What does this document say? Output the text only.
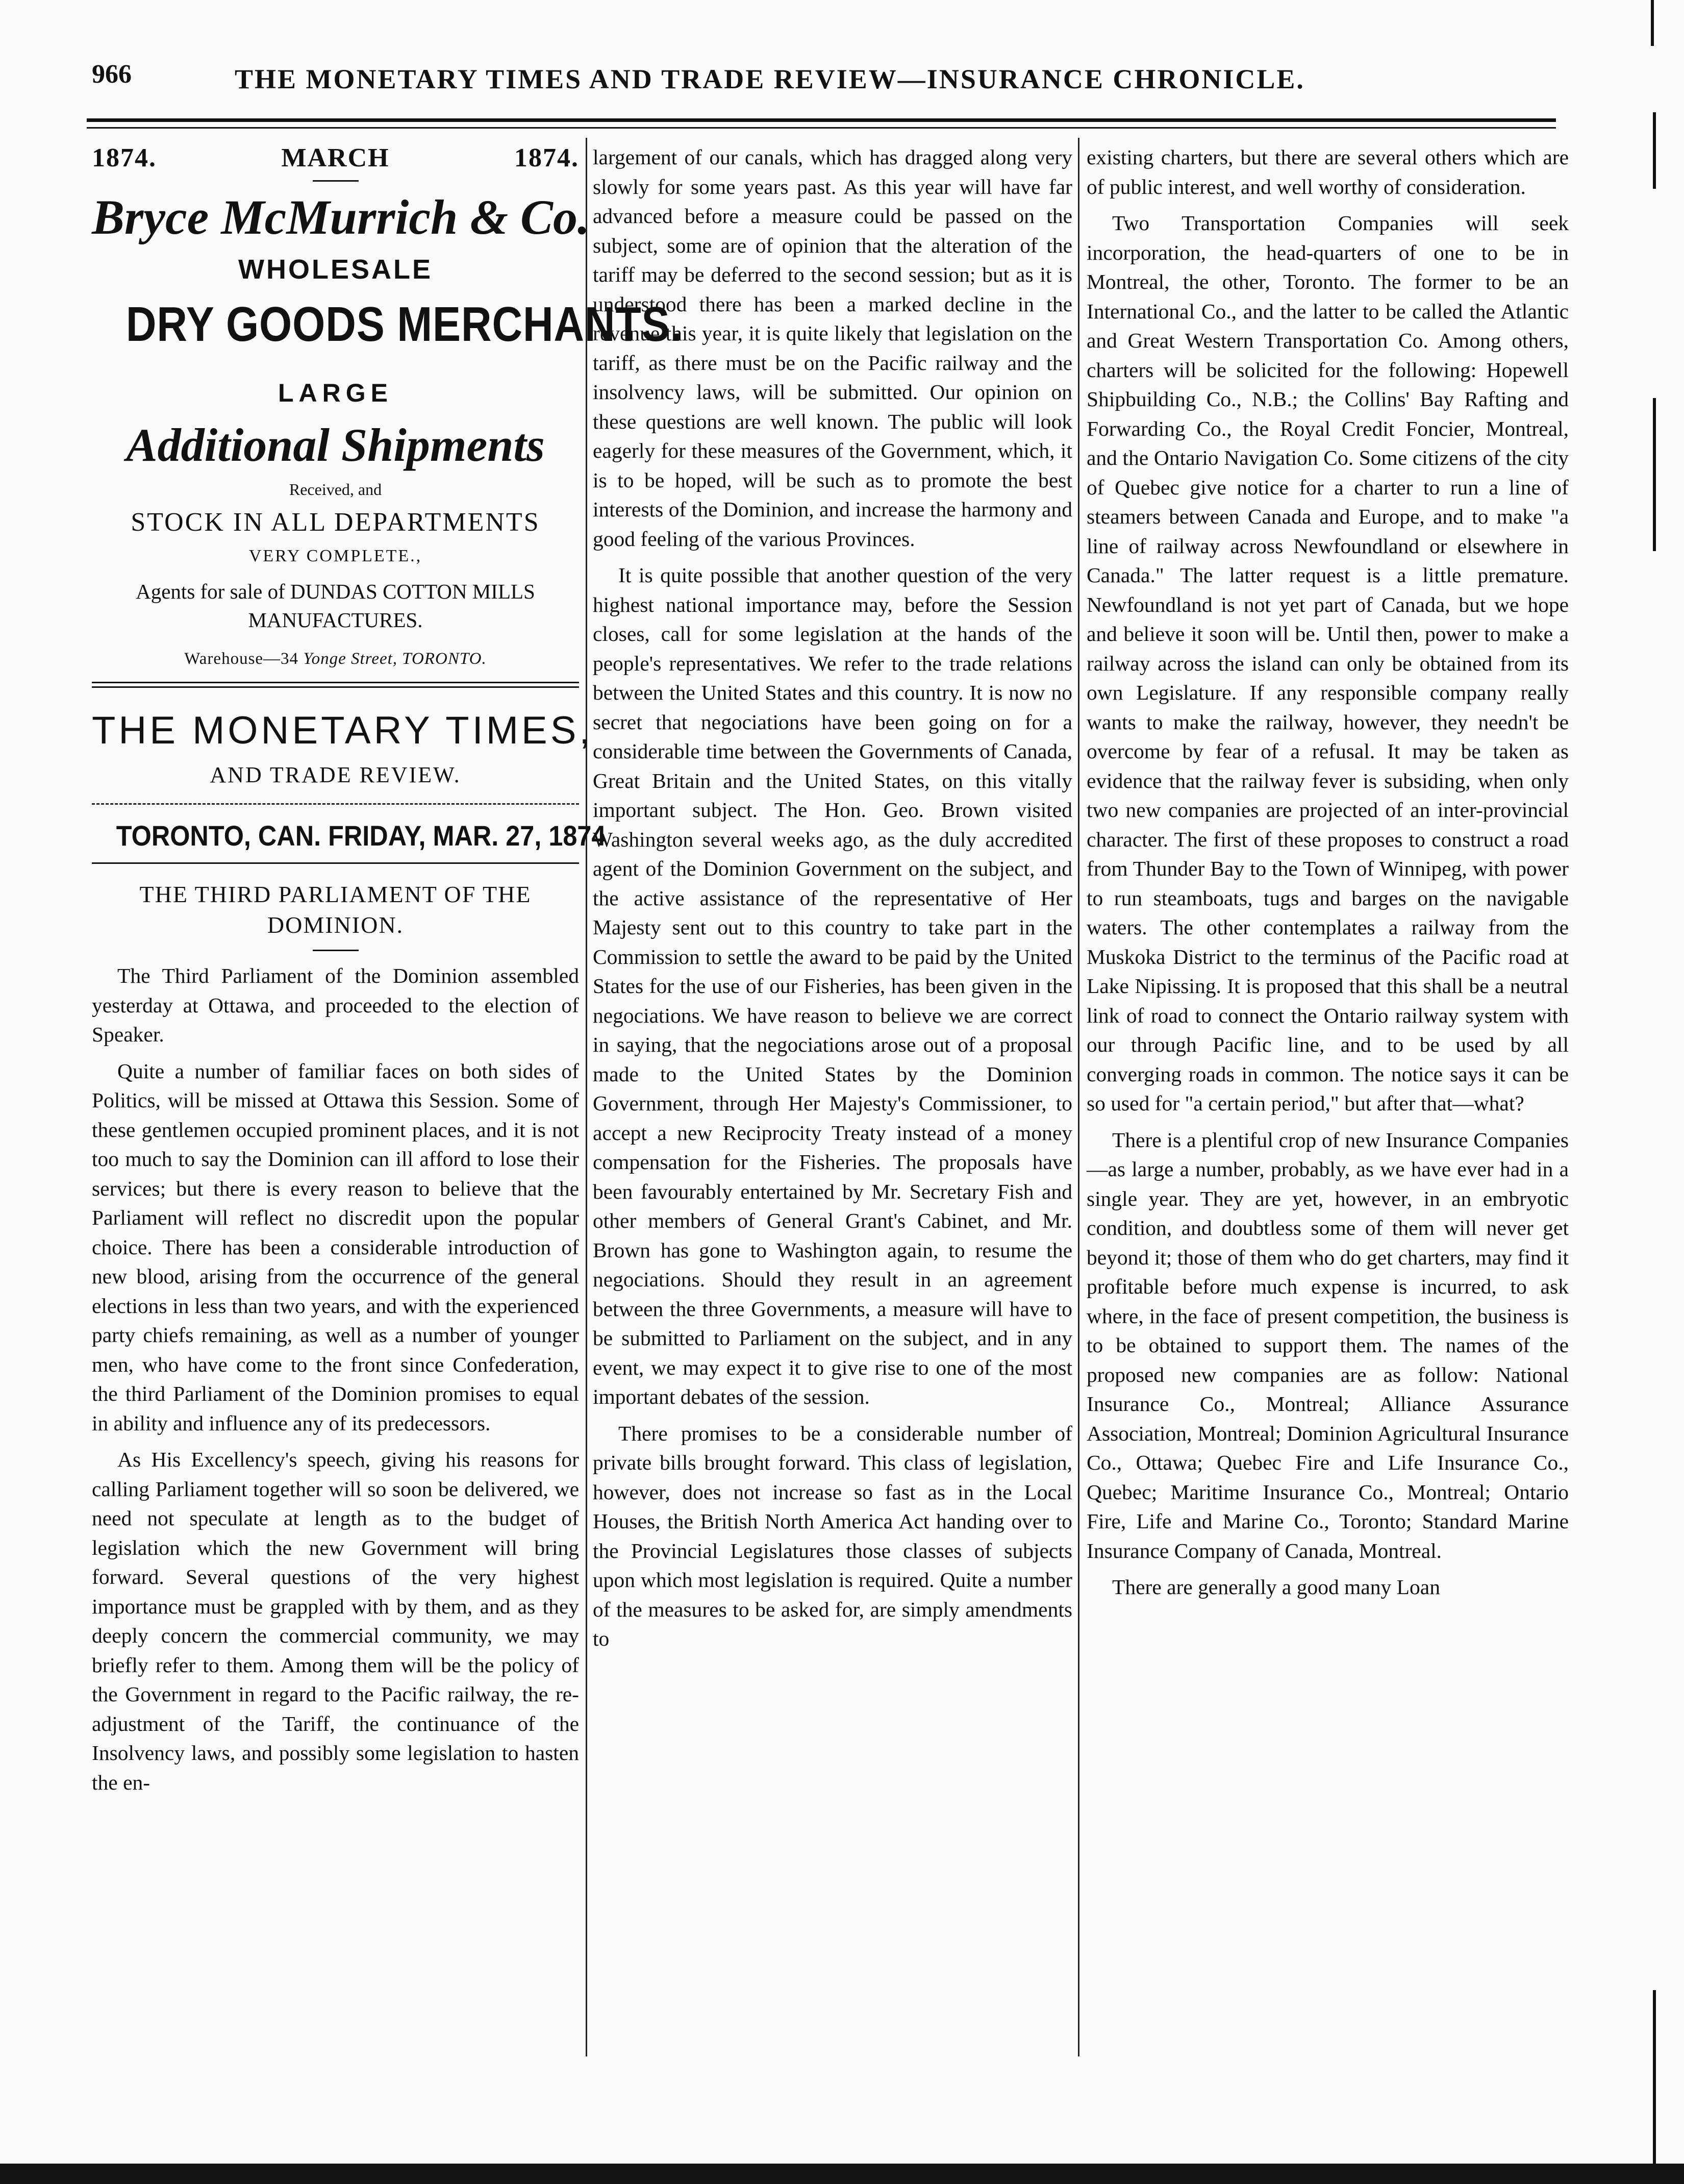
966	THE MONETARY TIMES AND TRADE REVIEW—INSURANCE CHRONICLE.
1874.	MARCH	1874.
Bryce McMurrich & Co.
WHOLESALE
DRY GOODS MERCHANTS.
LARGE
Additional Shipments
Received, and
STOCK IN ALL DEPARTMENTS
VERY COMPLETE.,
Agents for sale of DUNDAS COTTON MILLS MANUFACTURES.
Warehouse—34 Yonge Street, TORONTO.
THE MONETARY TIMES,
AND TRADE REVIEW.
TORONTO, CAN. FRIDAY, MAR. 27, 1874
THE THIRD PARLIAMENT OF THE DOMINION.

The Third Parliament of the Dominion assembled yesterday at Ottawa, and proceeded to the election of Speaker.

Quite a number of familiar faces on both sides of Politics, will be missed at Ottawa this Session. Some of these gentlemen occupied prominent places, and it is not too much to say the Dominion can ill afford to lose their services; but there is every reason to believe that the Parliament will reflect no discredit upon the popular choice. There has been a considerable introduction of new blood, arising from the occurrence of the general elections in less than two years, and with the experienced party chiefs remaining, as well as a number of younger men, who have come to the front since Confederation, the third Parliament of the Dominion promises to equal in ability and influence any of its predecessors.

As His Excellency's speech, giving his reasons for calling Parliament together will so soon be delivered, we need not speculate at length as to the budget of legislation which the new Government will bring forward. Several questions of the very highest importance must be grappled with by them, and as they deeply concern the commercial community, we may briefly refer to them. Among them will be the policy of the Government in regard to the Pacific railway, the re-adjustment of the Tariff, the continuance of the Insolvency laws, and possibly some legislation to hasten the en-

largement of our canals, which has dragged along very slowly for some years past. As this year will have far advanced before a measure could be passed on the subject, some are of opinion that the alteration of the tariff may be deferred to the second session; but as it is understood there has been a marked decline in the revenue this year, it is quite likely that legislation on the tariff, as there must be on the Pacific railway and the insolvency laws, will be submitted. Our opinion on these questions are well known. The public will look eagerly for these measures of the Government, which, it is to be hoped, will be such as to promote the best interests of the Dominion, and increase the harmony and good feeling of the various Provinces.

It is quite possible that another question of the very highest national importance may, before the Session closes, call for some legislation at the hands of the people's representatives. We refer to the trade relations between the United States and this country. It is now no secret that negociations have been going on for a considerable time between the Governments of Canada, Great Britain and the United States, on this vitally important subject. The Hon. Geo. Brown visited Washington several weeks ago, as the duly accredited agent of the Dominion Government on the subject, and the active assistance of the representative of Her Majesty sent out to this country to take part in the Commission to settle the award to be paid by the United States for the use of our Fisheries, has been given in the negociations. We have reason to believe we are correct in saying, that the negociations arose out of a proposal made to the United States by the Dominion Government, through Her Majesty's Commissioner, to accept a new Reciprocity Treaty instead of a money compensation for the Fisheries. The proposals have been favourably entertained by Mr. Secretary Fish and other members of General Grant's Cabinet, and Mr. Brown has gone to Washington again, to resume the negociations. Should they result in an agreement between the three Governments, a measure will have to be submitted to Parliament on the subject, and in any event, we may expect it to give rise to one of the most important debates of the session.

There promises to be a considerable number of private bills brought forward. This class of legislation, however, does not increase so fast as in the Local Houses, the British North America Act handing over to the Provincial Legislatures those classes of subjects upon which most legislation is required. Quite a number of the measures to be asked for, are simply amendments to

existing charters, but there are several others which are of public interest, and well worthy of consideration.

Two Transportation Companies will seek incorporation, the head-quarters of one to be in Montreal, the other, Toronto. The former to be an International Co., and the latter to be called the Atlantic and Great Western Transportation Co. Among others, charters will be solicited for the following: Hopewell Shipbuilding Co., N.B.; the Collins' Bay Rafting and Forwarding Co., the Royal Credit Foncier, Montreal, and the Ontario Navigation Co. Some citizens of the city of Quebec give notice for a charter to run a line of steamers between Canada and Europe, and to make "a line of railway across Newfoundland or elsewhere in Canada." The latter request is a little premature. Newfoundland is not yet part of Canada, but we hope and believe it soon will be. Until then, power to make a railway across the island can only be obtained from its own Legislature. If any responsible company really wants to make the railway, however, they needn't be overcome by fear of a refusal. It may be taken as evidence that the railway fever is subsiding, when only two new companies are projected of an inter-provincial character. The first of these proposes to construct a road from Thunder Bay to the Town of Winnipeg, with power to run steamboats, tugs and barges on the navigable waters. The other contemplates a railway from the Muskoka District to the terminus of the Pacific road at Lake Nipissing. It is proposed that this shall be a neutral link of road to connect the Ontario railway system with our through Pacific line, and to be used by all converging roads in common. The notice says it can be so used for "a certain period," but after that—what?

There is a plentiful crop of new Insurance Companies—as large a number, probably, as we have ever had in a single year. They are yet, however, in an embryotic condition, and doubtless some of them will never get beyond it; those of them who do get charters, may find it profitable before much expense is incurred, to ask where, in the face of present competition, the business is to be obtained to support them. The names of the proposed new companies are as follow: National Insurance Co., Montreal; Alliance Assurance Association, Montreal; Dominion Agricultural Insurance Co., Ottawa; Quebec Fire and Life Insurance Co., Quebec; Maritime Insurance Co., Montreal; Ontario Fire, Life and Marine Co., Toronto; Standard Marine Insurance Company of Canada, Montreal.

There are generally a good many Loan
